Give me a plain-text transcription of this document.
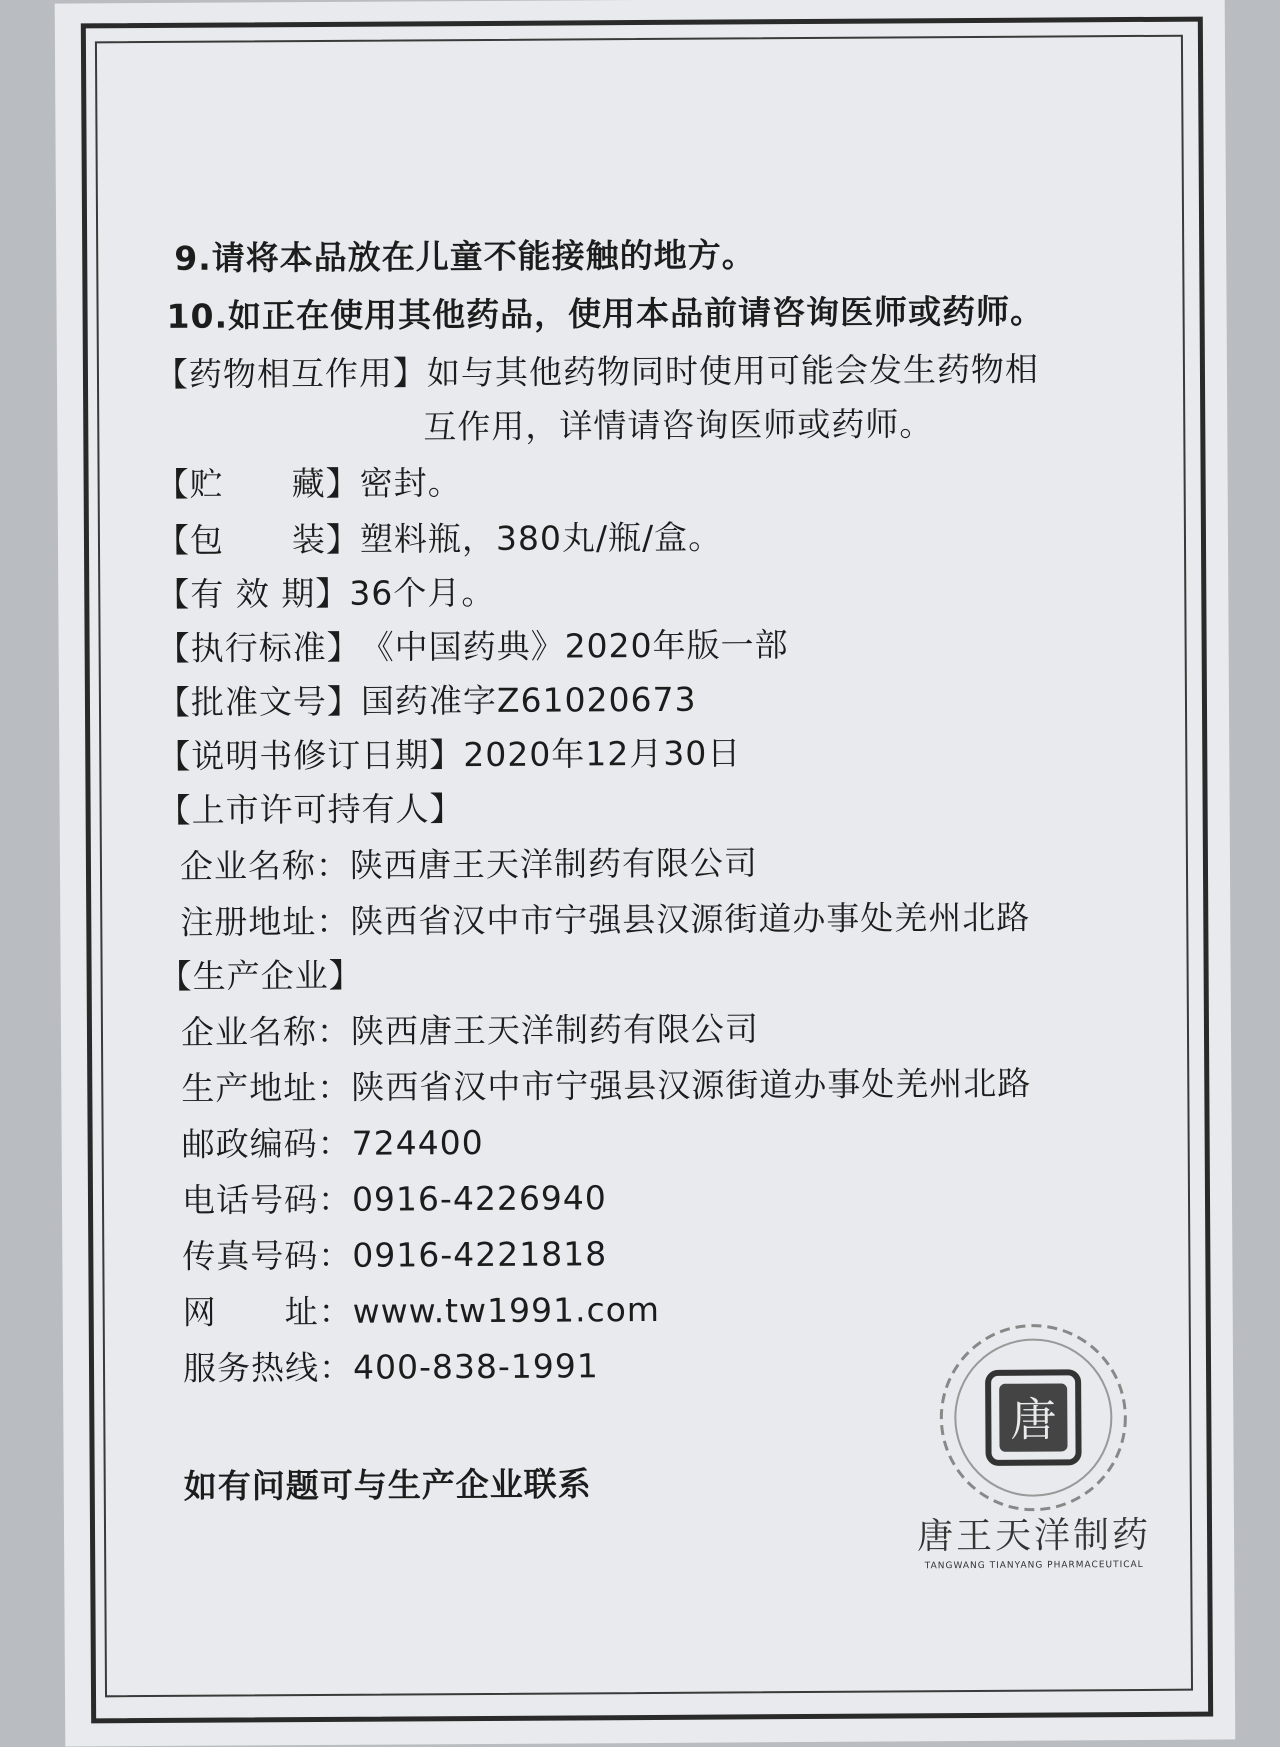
9.请将本品放在儿童不能接触的地方。
10.如正在使用其他药品，使用本品前请咨询医师或药师。
【药物相互作用】如与其他药物同时使用可能会发生药物相
互作用，详情请咨询医师或药师。
【贮　　藏】密封。
【包　　装】塑料瓶，380丸/瓶/盒。
【有 效 期】36个月。
【执行标准】《中国药典》2020年版一部
【批准文号】国药准字Z61020673
【说明书修订日期】2020年12月30日
【上市许可持有人】
企业名称：陕西唐王天洋制药有限公司
注册地址：陕西省汉中市宁强县汉源街道办事处羌州北路
【生产企业】
企业名称：陕西唐王天洋制药有限公司
生产地址：陕西省汉中市宁强县汉源街道办事处羌州北路
邮政编码：724400
电话号码：0916-4226940
传真号码：0916-4221818
网　　址：www.tw1991.com
服务热线：400-838-1991
如有问题可与生产企业联系
唐
唐王天洋制药
TANGWANG TIANYANG PHARMACEUTICAL
